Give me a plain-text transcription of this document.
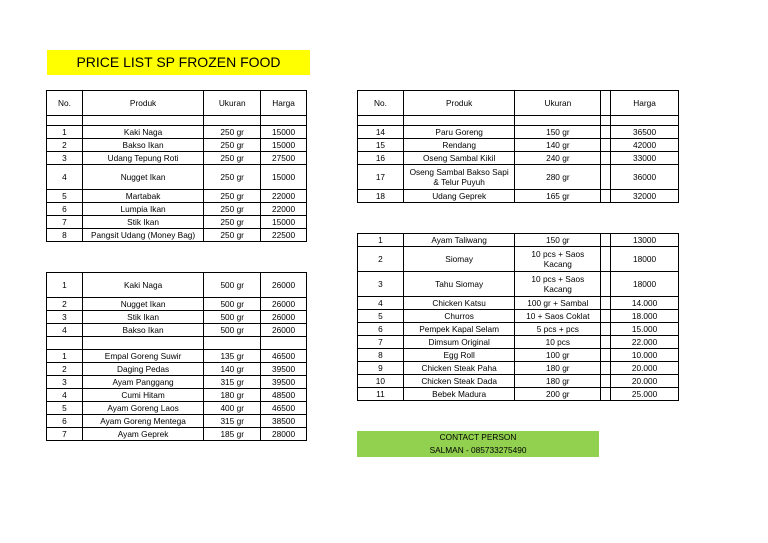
PRICE LIST SP FROZEN FOOD
No.	Produk	Ukuran	Harga

1	Kaki Naga	250 gr	15000
2	Bakso Ikan	250 gr	15000
3	Udang Tepung Roti	250 gr	27500
4	Nugget Ikan	250 gr	15000
5	Martabak	250 gr	22000
6	Lumpia Ikan	250 gr	22000
7	Stik Ikan	250 gr	15000
8	Pangsit Udang (Money Bag)	250 gr	22500
1	Kaki Naga	500 gr	26000
2	Nugget Ikan	500 gr	26000
3	Stik Ikan	500 gr	26000
4	Bakso Ikan	500 gr	26000

1	Empal Goreng Suwir	135 gr	46500
2	Daging Pedas	140 gr	39500
3	Ayam Panggang	315 gr	39500
4	Cumi Hitam	180 gr	48500
5	Ayam Goreng Laos	400 gr	46500
6	Ayam Goreng Mentega	315 gr	38500
7	Ayam Geprek	185 gr	28000
No.	Produk	Ukuran		Harga

14	Paru Goreng	150 gr		36500
15	Rendang	140 gr		42000
16	Oseng Sambal Kikil	240 gr		33000
17	Oseng Sambal Bakso Sapi & Telur Puyuh	280 gr		36000
18	Udang Geprek	165 gr		32000
1	Ayam Taliwang	150 gr		13000
2	Siomay	10 pcs + Saos Kacang		18000
3	Tahu Siomay	10 pcs + Saos Kacang		18000
4	Chicken Katsu	100 gr + Sambal		14.000
5	Churros	10 + Saos Coklat		18.000
6	Pempek Kapal Selam	5 pcs + pcs		15.000
7	Dimsum Original	10 pcs		22.000
8	Egg Roll	100 gr		10.000
9	Chicken Steak Paha	180 gr		20.000
10	Chicken Steak Dada	180 gr		20.000
11	Bebek Madura	200 gr		25.000
CONTACT PERSON
SALMAN - 085733275490
